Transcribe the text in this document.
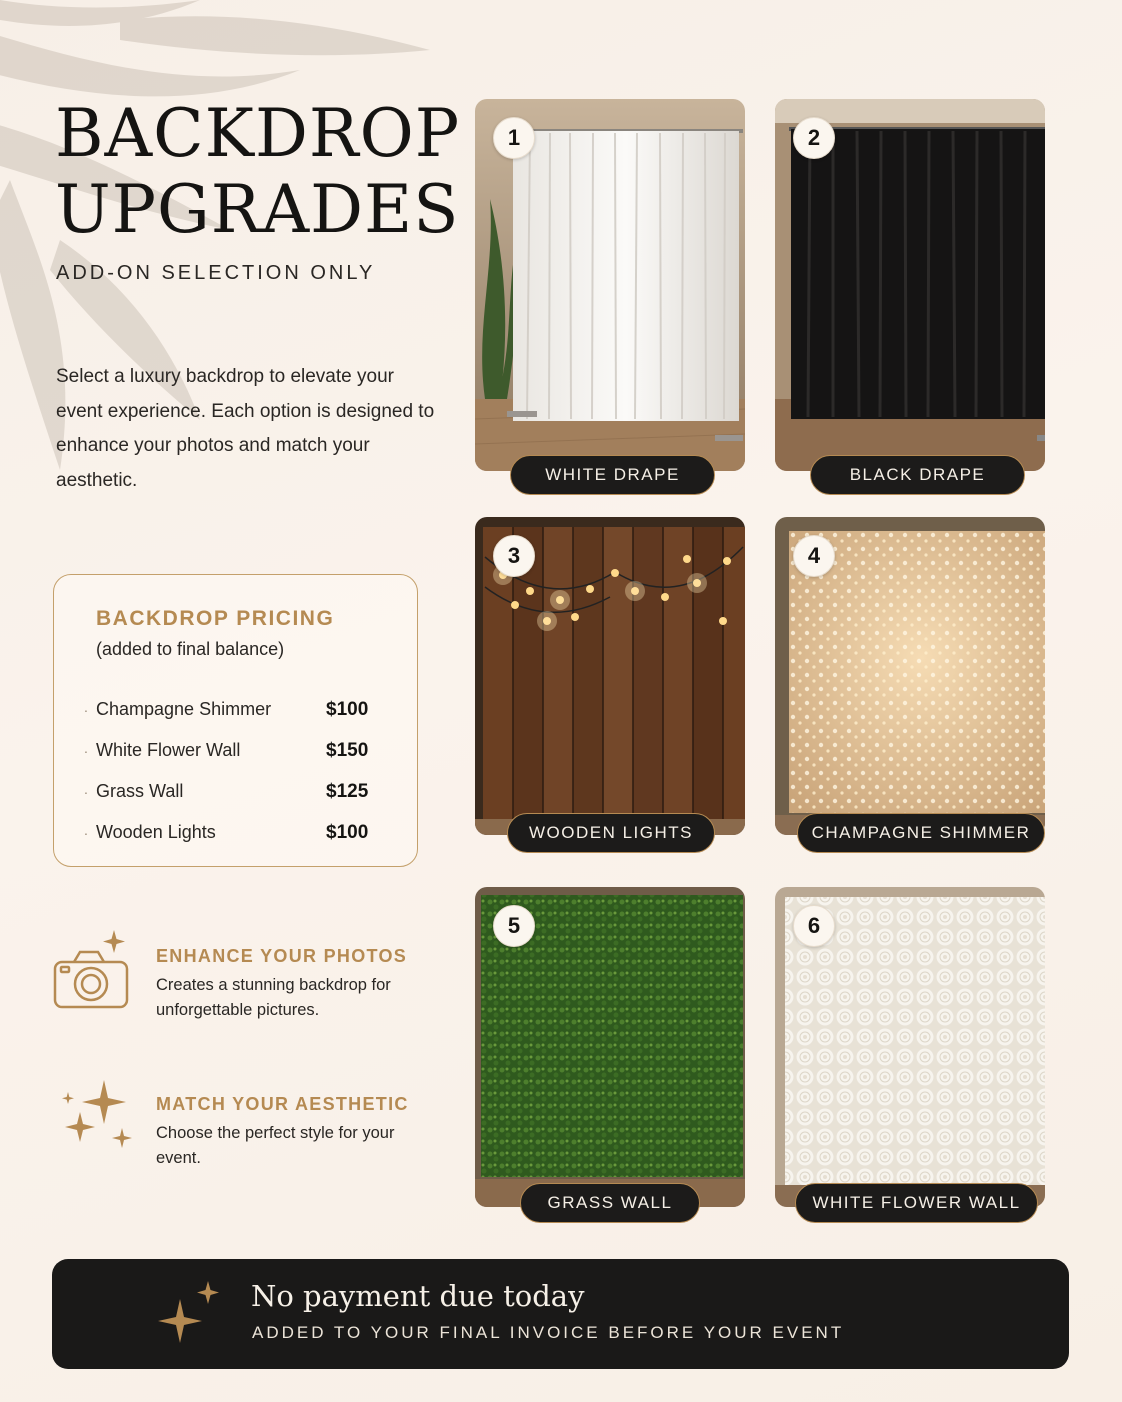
BACKDROP
UPGRADES
ADD-ON SELECTION ONLY
Select a luxury backdrop to elevate your event experience. Each option is designed to enhance your photos and match your aesthetic.
BACKDROP PRICING
(added to final balance)
· Champagne Shimmer	$100
· White Flower Wall	$150
· Grass Wall	$125
· Wooden Lights	$100
ENHANCE YOUR PHOTOS
Creates a stunning backdrop for unforgettable pictures.
MATCH YOUR AESTHETIC
Choose the perfect style for your event.
1
WHITE DRAPE
2
BLACK DRAPE
3
WOODEN LIGHTS
4
CHAMPAGNE SHIMMER
5
GRASS WALL
6
WHITE FLOWER WALL
No payment due today
ADDED TO YOUR FINAL INVOICE BEFORE YOUR EVENT
